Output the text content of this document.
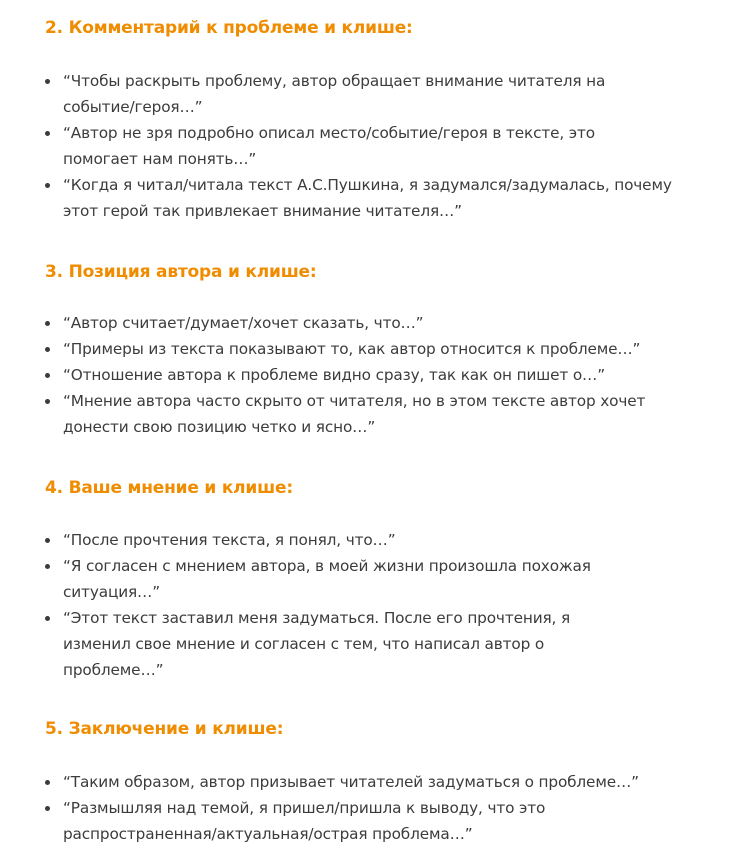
2. Комментарий к проблеме и клише:
“Чтобы раскрыть проблему, автор обращает внимание читателя на событие/героя…”
“Автор не зря подробно описал место/событие/героя в тексте, это помогает нам понять…”
“Когда я читал/читала текст А.С.Пушкина, я задумался/задумалась, почему этот герой так привлекает внимание читателя…”
3. Позиция автора и клише:
“Автор считает/думает/хочет сказать, что…”
“Примеры из текста показывают то, как автор относится к проблеме…”
“Отношение автора к проблеме видно сразу, так как он пишет о…”
“Мнение автора часто скрыто от читателя, но в этом тексте автор хочет донести свою позицию четко и ясно…”
4. Ваше мнение и клише:
“После прочтения текста, я понял, что…”
“Я согласен с мнением автора, в моей жизни произошла похожая ситуация…”
“Этот текст заставил меня задуматься. После его прочтения, я изменил свое мнение и согласен с тем, что написал автор о проблеме…”
5. Заключение и клише:
“Таким образом, автор призывает читателей задуматься о проблеме…”
“Размышляя над темой, я пришел/пришла к выводу, что это распространенная/актуальная/острая проблема…”
